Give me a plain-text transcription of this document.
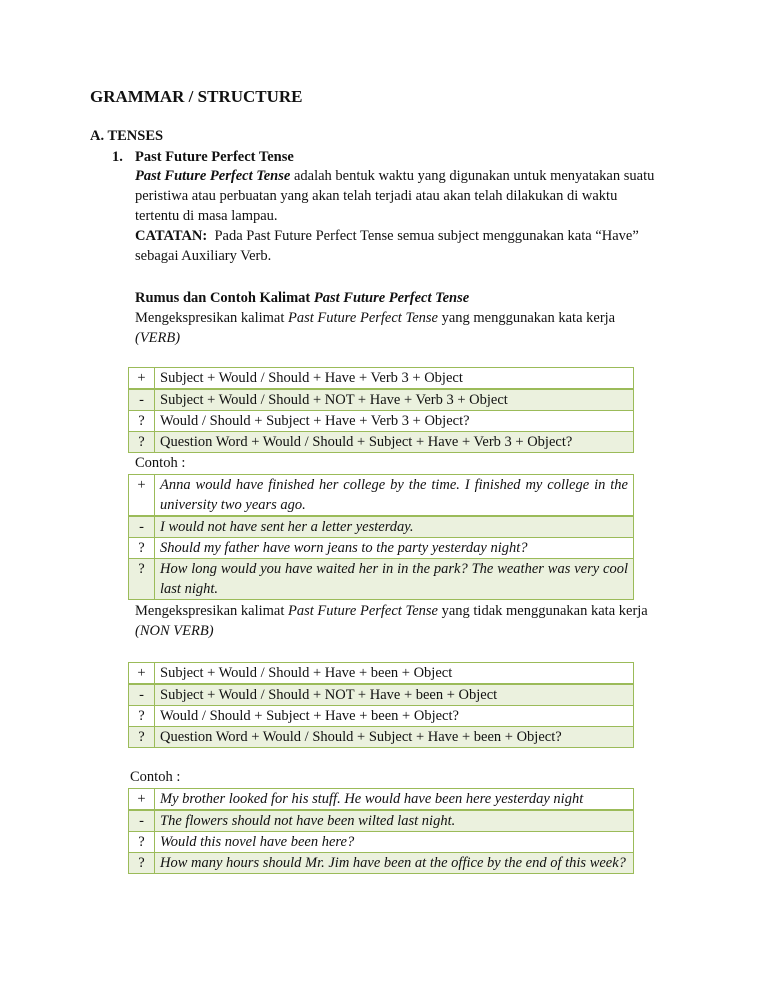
GRAMMAR / STRUCTURE
A. TENSES
1. Past Future Perfect Tense
Past Future Perfect Tense adalah bentuk waktu yang digunakan untuk menyatakan suatu
peristiwa atau perbuatan yang akan telah terjadi atau akan telah dilakukan di waktu
tertentu di masa lampau.
CATATAN:  Pada Past Future Perfect Tense semua subject menggunakan kata “Have”
sebagai Auxiliary Verb.
Rumus dan Contoh Kalimat Past Future Perfect Tense
Mengekspresikan kalimat Past Future Perfect Tense yang menggunakan kata kerja
(VERB)
+	Subject + Would / Should + Have + Verb 3 + Object
-	Subject + Would / Should + NOT + Have + Verb 3 + Object
?	Would / Should + Subject + Have + Verb 3 + Object?
?	Question Word + Would / Should + Subject + Have + Verb 3 + Object?
Contoh :
+	Anna would have finished her college by the time. I finished my college in the university two years ago.
-	I would not have sent her a letter yesterday.
?	Should my father have worn jeans to the party yesterday night?
?	How long would you have waited her in in the park? The weather was very cool last night.
Mengekspresikan kalimat Past Future Perfect Tense yang tidak menggunakan kata kerja
(NON VERB)
+	Subject + Would / Should + Have + been + Object
-	Subject + Would / Should + NOT + Have + been + Object
?	Would / Should + Subject + Have + been + Object?
?	Question Word + Would / Should + Subject + Have + been + Object?
Contoh :
+	My brother looked for his stuff. He would have been here yesterday night
-	The flowers should not have been wilted last night.
?	Would this novel have been here?
?	How many hours should Mr. Jim have been at the office by the end of this week?
